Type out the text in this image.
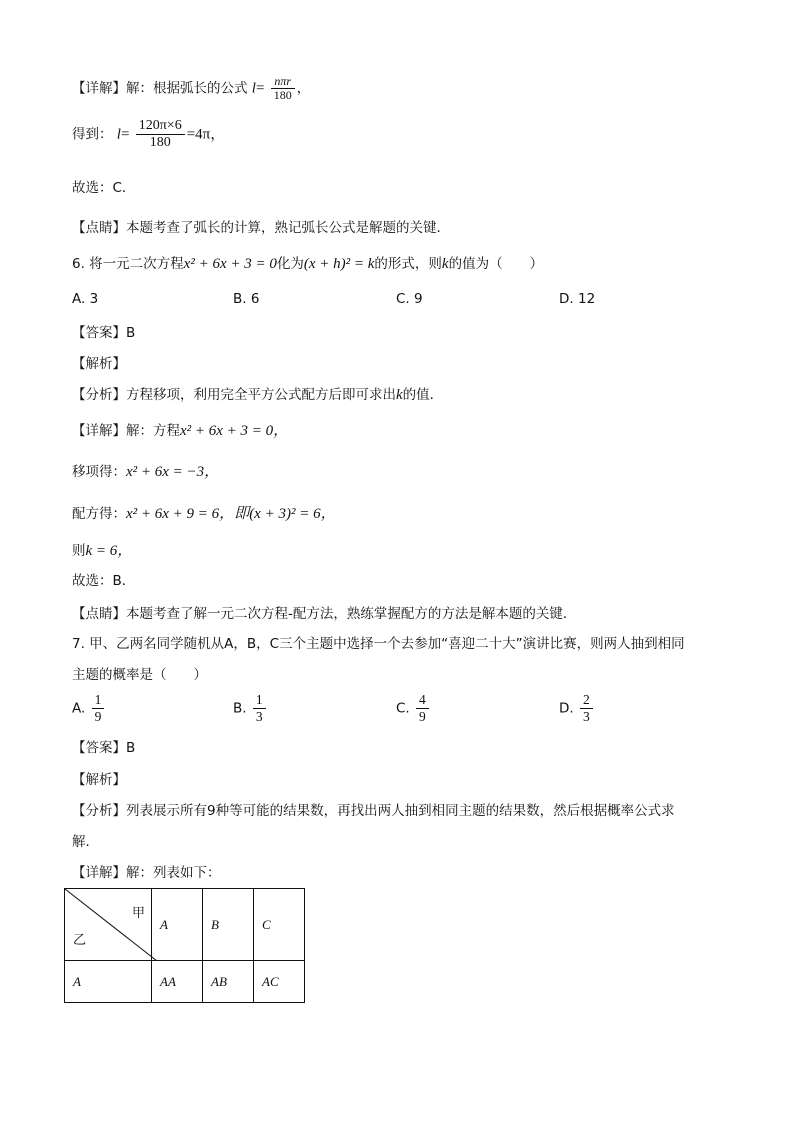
【详解】解：根据弧长的公式 $l= \frac{\text{nπr}}{180}$ ，
得到： $l= \frac{120\pi\times 6}{180} =4\pi$，
故选：C．
【点睛】本题考查了弧长的计算，熟记弧长公式是解题的关键．
6. 将一元二次方程x² + 6x + 3 = 0化为(x + h)² = k的形式，则k的值为（　　）
A. 3	B. 6	C. 9	D. 12
【答案】B
【解析】
【分析】方程移项，利用完全平方公式配方后即可求出k的值．
【详解】解：方程x² + 6x + 3 = 0，
移项得：x² + 6x = −3，
配方得：x² + 6x + 9 = 6，即(x + 3)² = 6，
则k = 6，
故选：B．
【点睛】本题考查了解一元二次方程-配方法，熟练掌握配方的方法是解本题的关键．
7. 甲、乙两名同学随机从A，B，C三个主题中选择一个去参加“喜迎二十大”演讲比赛，则两人抽到相同
主题的概率是（　　）
A. $\frac{1}{9}$	B. $\frac{1}{3}$	C. $\frac{4}{9}$	D. $\frac{2}{3}$
【答案】B
【解析】
【分析】列表展示所有9种等可能的结果数，再找出两人抽到相同主题的结果数，然后根据概率公式求
解．
【详解】解：列表如下：
甲
乙	A	B	C
A	AA	AB	AC
